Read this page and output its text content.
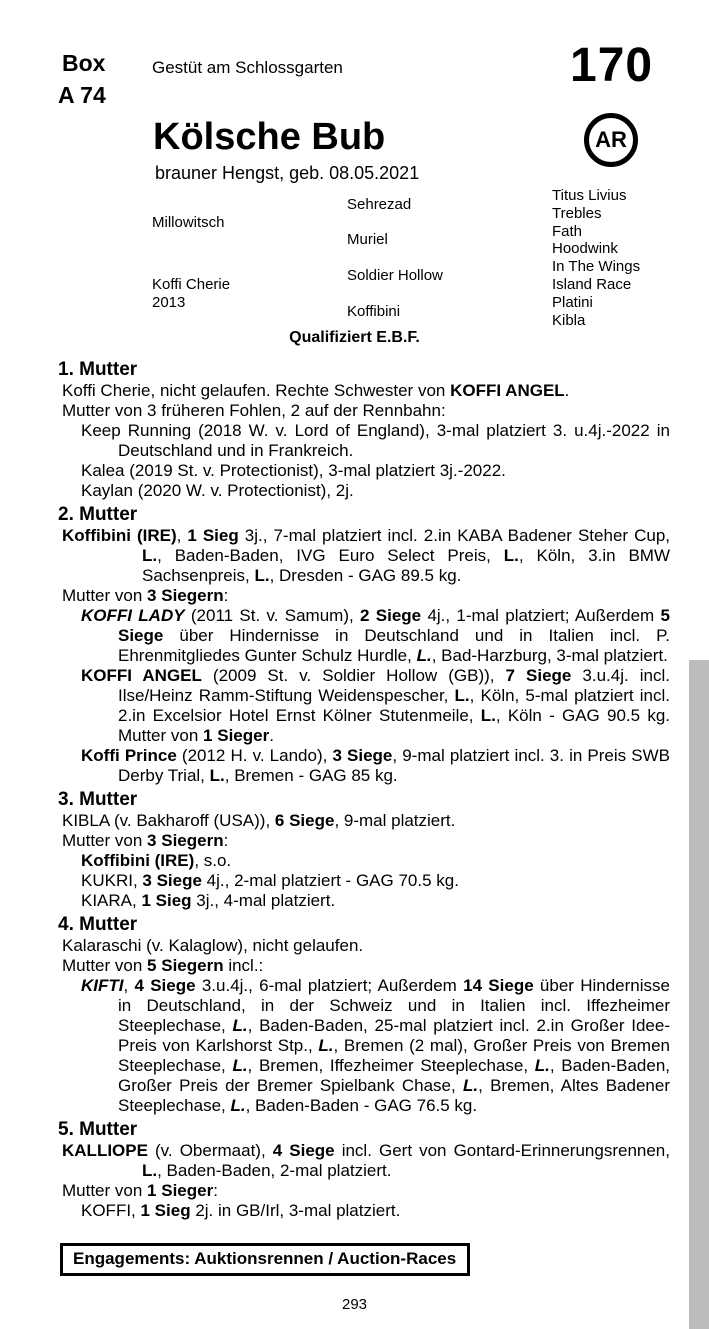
Box
A 74
Gestüt am Schlossgarten	170
Kölsche Bub
brauner Hengst, geb. 08.05.2021
AR
Millowitsch
Koffi Cherie
2013
Sehrezad
Muriel
Soldier Hollow
Koffibini
Titus Livius
Trebles
Fath
Hoodwink
In The Wings
Island Race
Platini
Kibla
Qualifiziert E.B.F.
1. Mutter

Koffi Cherie, nicht gelaufen. Rechte Schwester von KOFFI ANGEL.

Mutter von 3 früheren Fohlen, 2 auf der Rennbahn:

Keep Running (2018 W. v. Lord of England), 3-mal platziert 3. u.4j.-2022 in Deutschland und in Frankreich.

Kalea (2019 St. v. Protectionist), 3-mal platziert 3j.-2022.

Kaylan (2020 W. v. Protectionist), 2j.

2. Mutter

Koffibini (IRE), 1 Sieg 3j., 7-mal platziert incl. 2.in KABA Badener Steher Cup, L., Baden-Baden, IVG Euro Select Preis, L., Köln, 3.in BMW Sachsenpreis, L., Dresden - GAG 89.5 kg.

Mutter von 3 Siegern:

KOFFI LADY (2011 St. v. Samum), 2 Siege 4j., 1-mal platziert; Außerdem 5 Siege über Hindernisse in Deutschland und in Italien incl. P. Ehrenmitgliedes Gunter Schulz Hurdle, L., Bad-Harzburg, 3-mal platziert.

KOFFI ANGEL (2009 St. v. Soldier Hollow (GB)), 7 Siege 3.u.4j. incl. Ilse/Heinz Ramm-Stiftung Weidenspescher, L., Köln, 5-mal platziert incl. 2.in Excelsior Hotel Ernst Kölner Stutenmeile, L., Köln - GAG 90.5 kg. Mutter von 1 Sieger.

Koffi Prince (2012 H. v. Lando), 3 Siege, 9-mal platziert incl. 3. in Preis SWB Derby Trial, L., Bremen - GAG 85 kg.

3. Mutter

KIBLA (v. Bakharoff (USA)), 6 Siege, 9-mal platziert.

Mutter von 3 Siegern:

Koffibini (IRE), s.o.

KUKRI, 3 Siege 4j., 2-mal platziert - GAG 70.5 kg.

KIARA, 1 Sieg 3j., 4-mal platziert.

4. Mutter

Kalaraschi (v. Kalaglow), nicht gelaufen.

Mutter von 5 Siegern incl.:

KIFTI, 4 Siege 3.u.4j., 6-mal platziert; Außerdem 14 Siege über Hindernisse in Deutschland, in der Schweiz und in Italien incl. Iffezheimer Steeplechase, L., Baden-Baden, 25-mal platziert incl. 2.in Großer Idee-Preis von Karlshorst Stp., L., Bremen (2 mal), Großer Preis von Bremen Steeplechase, L., Bremen, Iffezheimer Steeplechase, L., Baden-Baden, Großer Preis der Bremer Spielbank Chase, L., Bremen, Altes Badener Steeplechase, L., Baden-Baden - GAG 76.5 kg.

5. Mutter

KALLIOPE (v. Obermaat), 4 Siege incl. Gert von Gontard-Erinnerungsrennen, L., Baden-Baden, 2-mal platziert.

Mutter von 1 Sieger:

KOFFI, 1 Sieg 2j. in GB/Irl, 3-mal platziert.

Engagements: Auktionsrennen / Auction-Races
293
